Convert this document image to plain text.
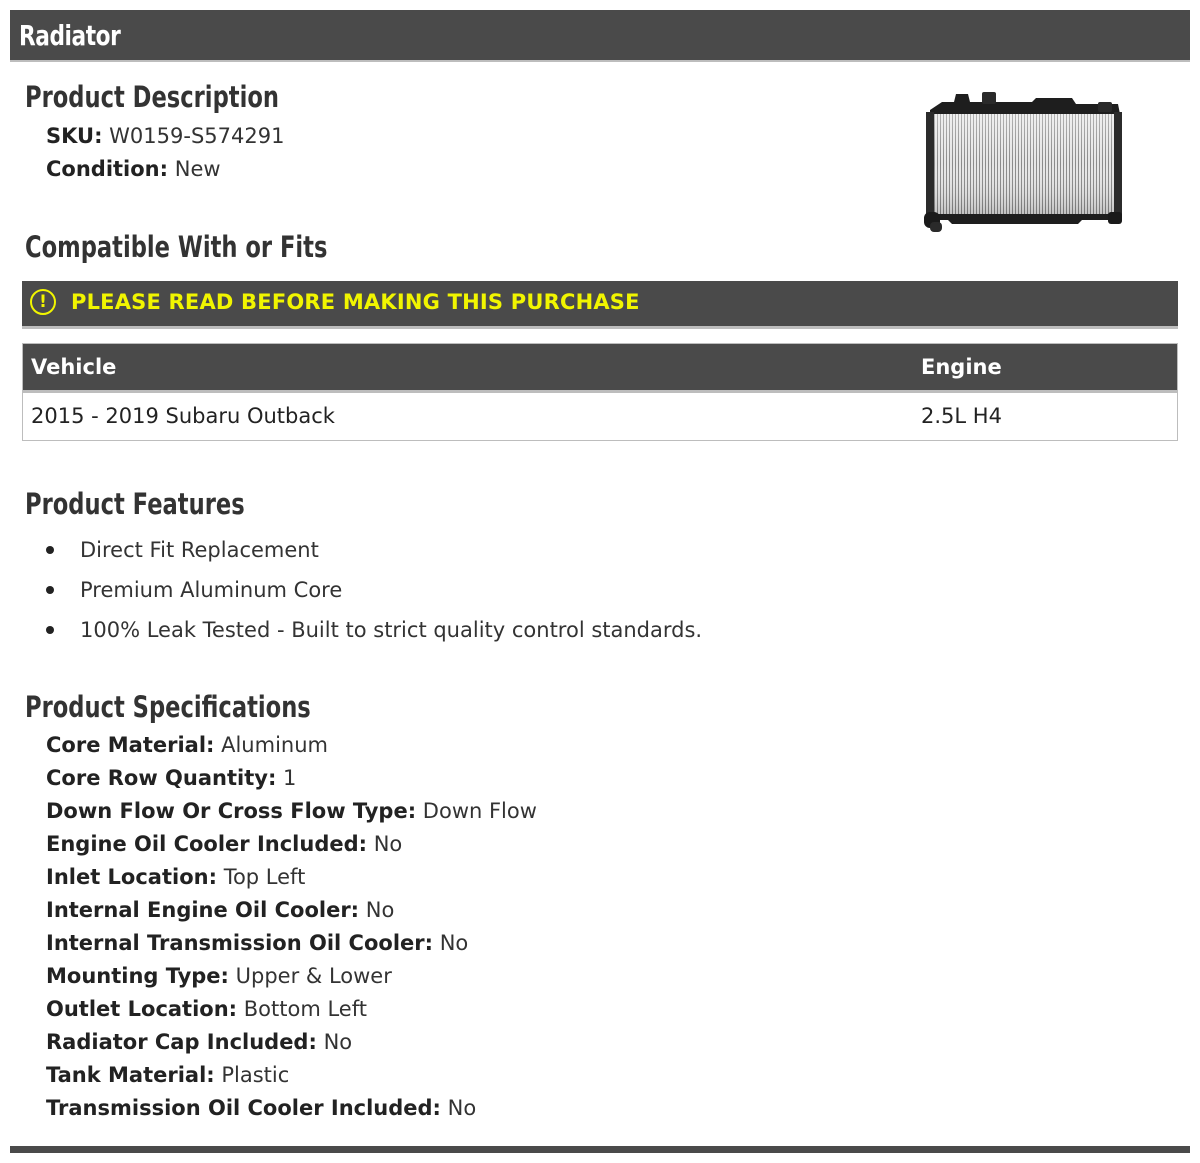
Radiator
Product Description
SKU: W0159-S574291
Condition: New
Compatible With or Fits
!	PLEASE READ BEFORE MAKING THIS PURCHASE
Vehicle	Engine
2015 - 2019 Subaru Outback	2.5L H4
Product Features
Direct Fit Replacement
Premium Aluminum Core
100% Leak Tested - Built to strict quality control standards.
Product Specifications
Core Material: Aluminum
Core Row Quantity: 1
Down Flow Or Cross Flow Type: Down Flow
Engine Oil Cooler Included: No
Inlet Location: Top Left
Internal Engine Oil Cooler: No
Internal Transmission Oil Cooler: No
Mounting Type: Upper & Lower
Outlet Location: Bottom Left
Radiator Cap Included: No
Tank Material: Plastic
Transmission Oil Cooler Included: No
